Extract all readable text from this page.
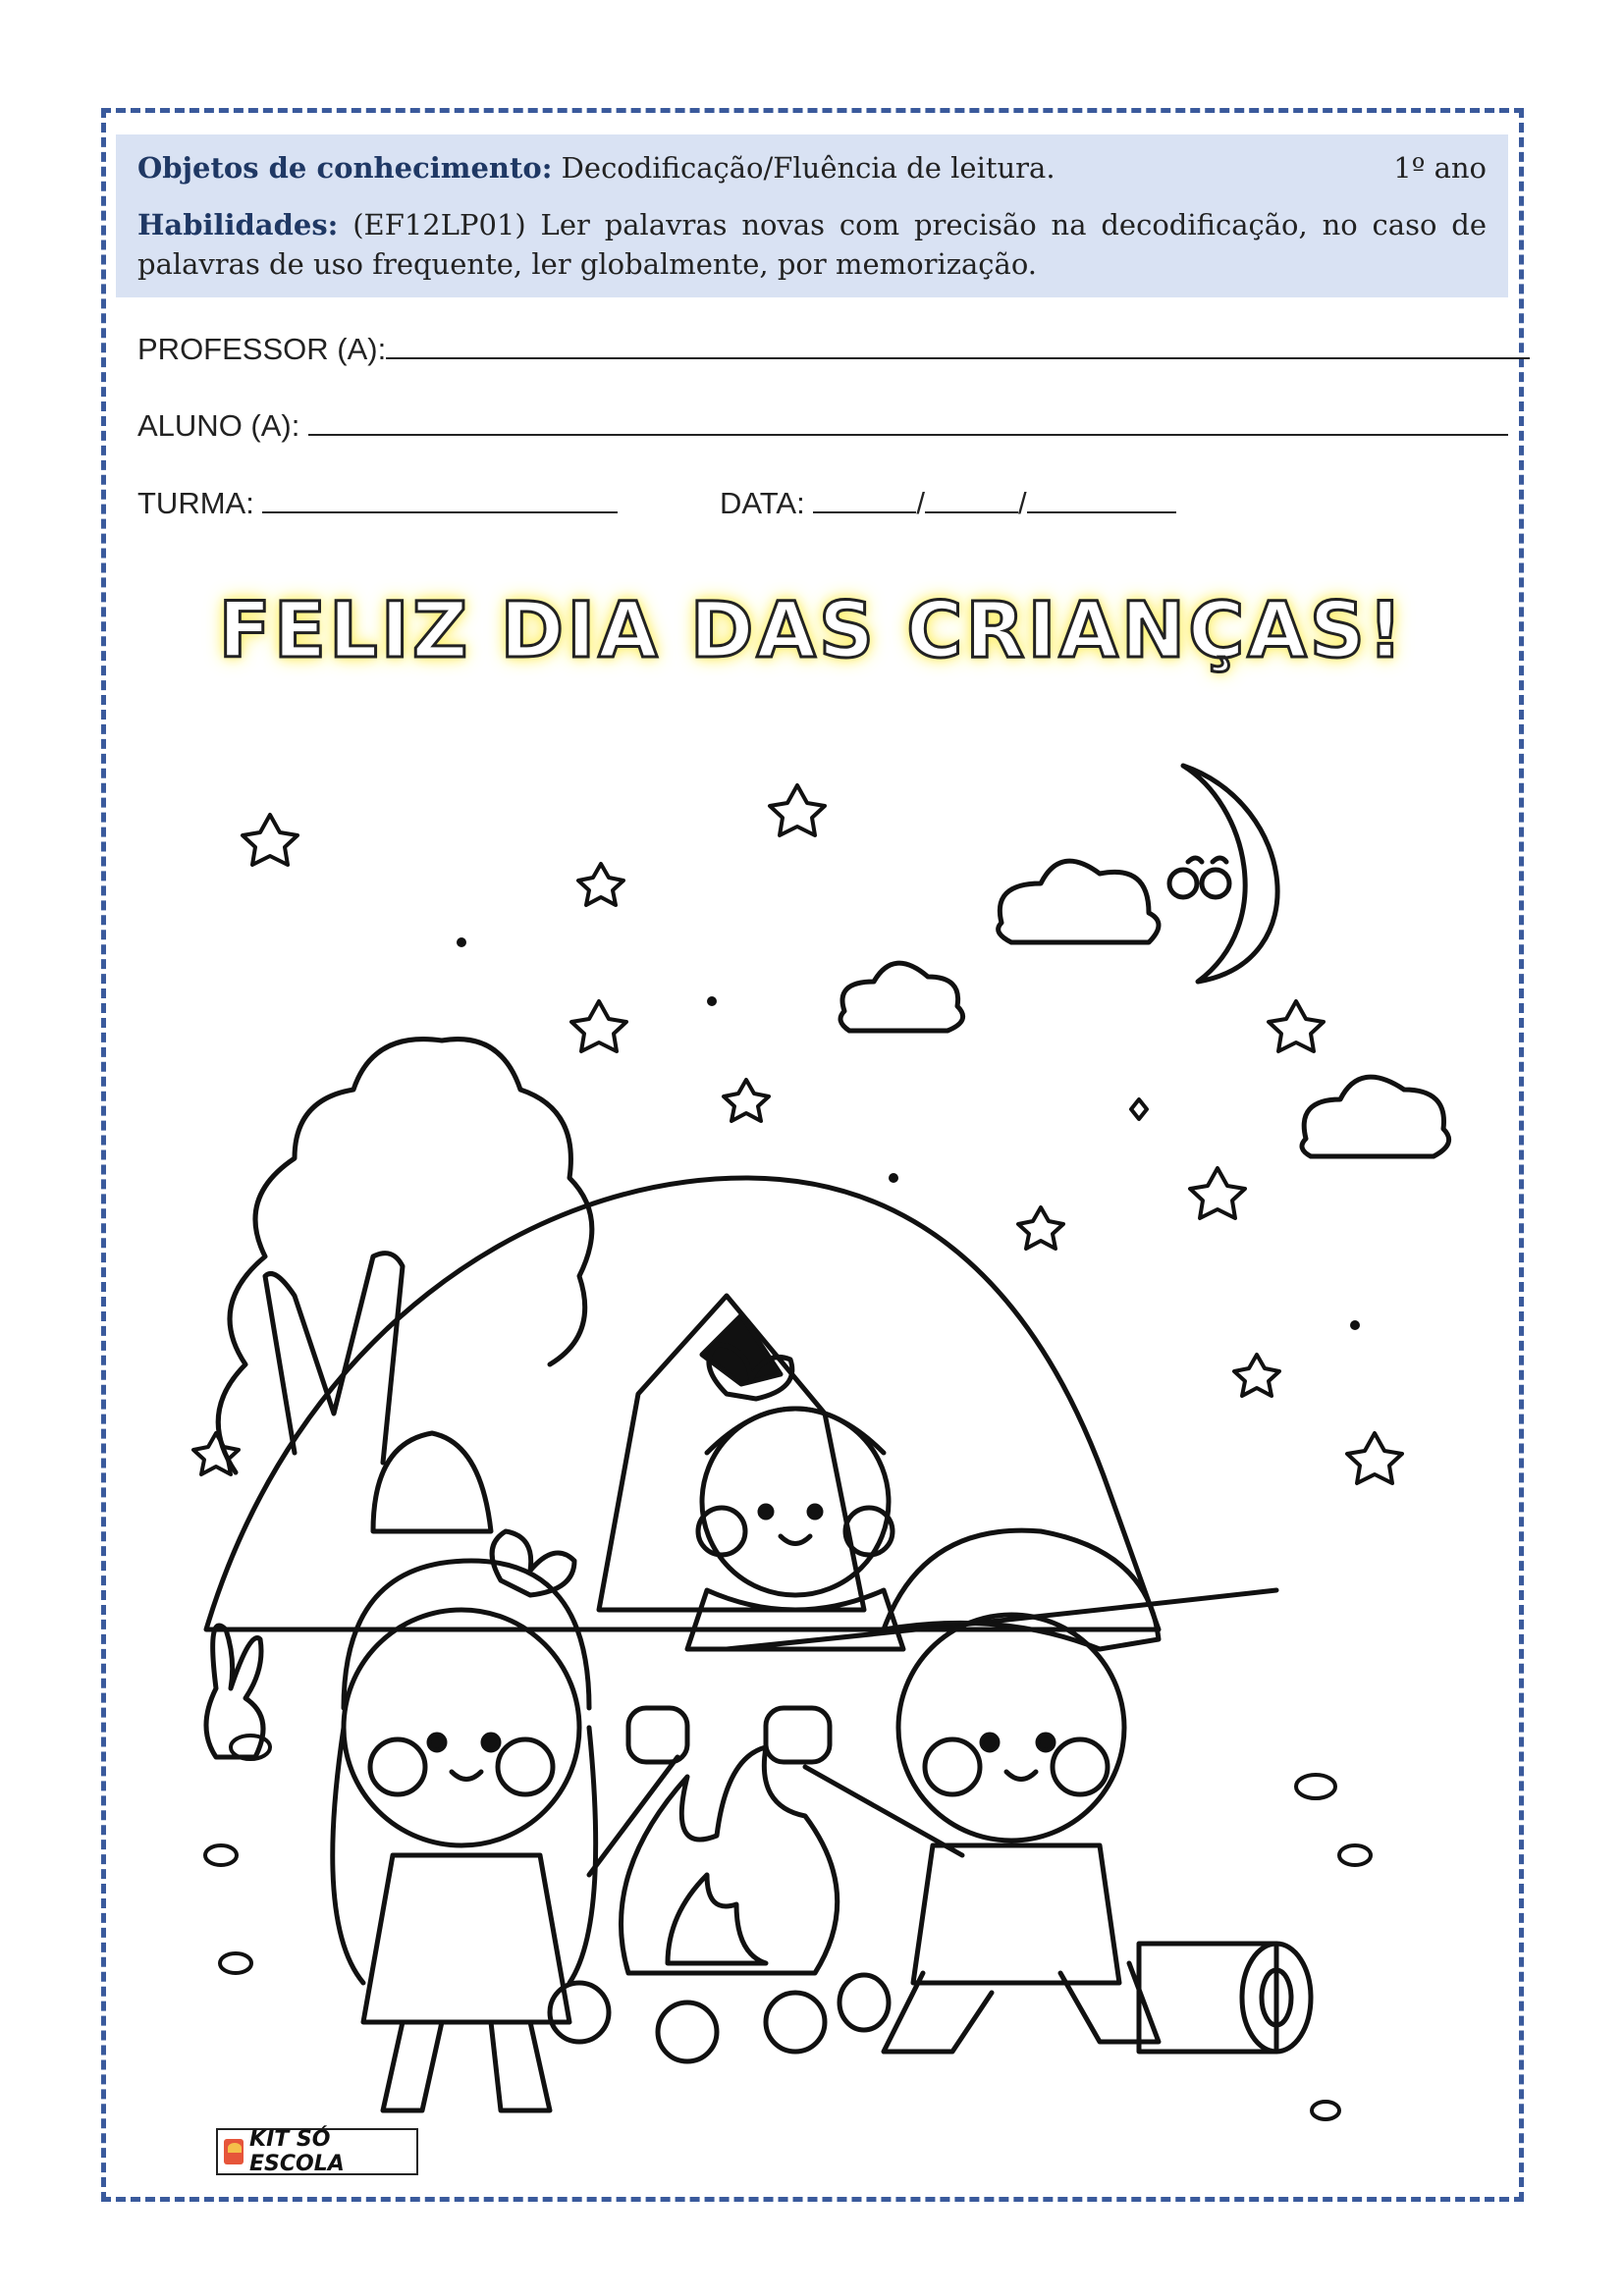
Objetos de conhecimento: Decodificação/Fluência de leitura.	1º ano
Habilidades: (EF12LP01) Ler palavras novas com precisão na decodificação, no caso de palavras de uso frequente, ler globalmente, por memorização.
PROFESSOR (A):
ALUNO (A):
TURMA:	DATA:	/	/
FELIZ DIA DAS CRIANÇAS!
KIT SÓ ESCOLA
